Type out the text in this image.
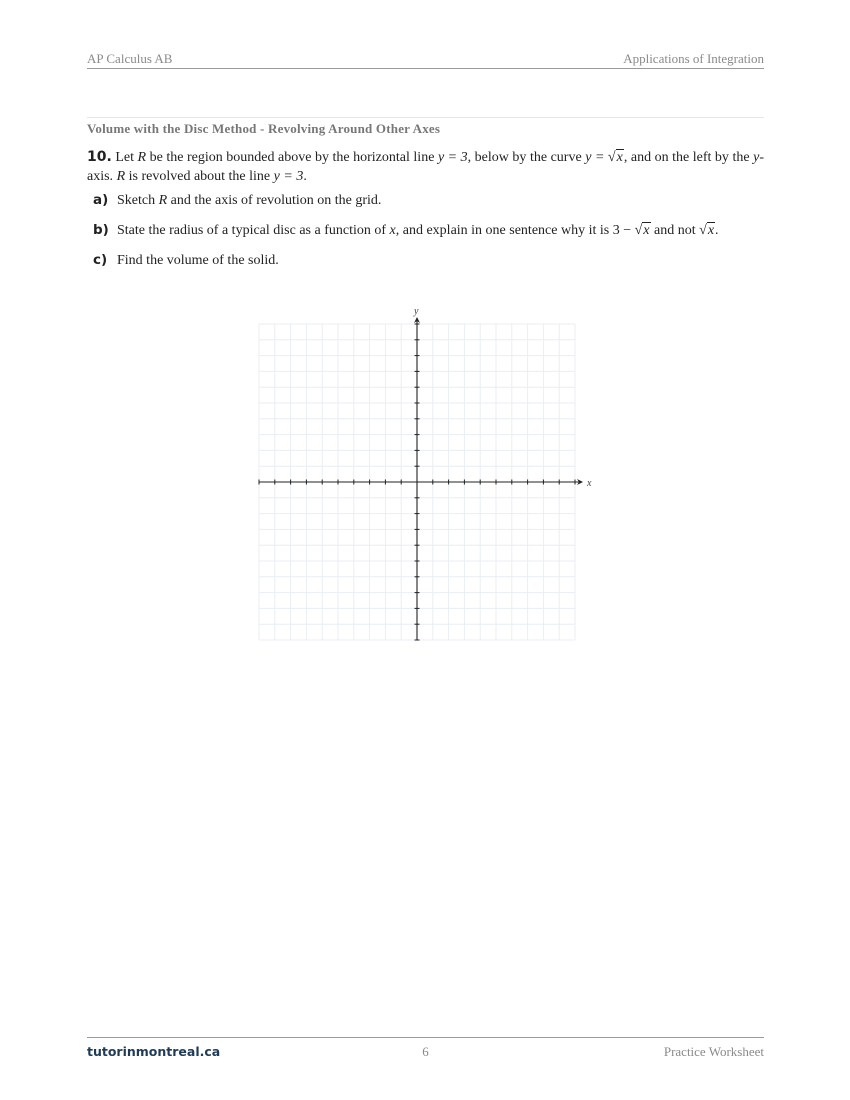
AP Calculus AB	Applications of Integration
Volume with the Disc Method - Revolving Around Other Axes
10. Let R be the region bounded above by the horizontal line y = 3, below by the curve y = √x, and on the left by the y-axis. R is revolved about the line y = 3.
a) Sketch R and the axis of revolution on the grid.
b) State the radius of a typical disc as a function of x, and explain in one sentence why it is 3 − √x and not √x.
c) Find the volume of the solid.
x
y
tutorinmontreal.ca	6	Practice Worksheet
